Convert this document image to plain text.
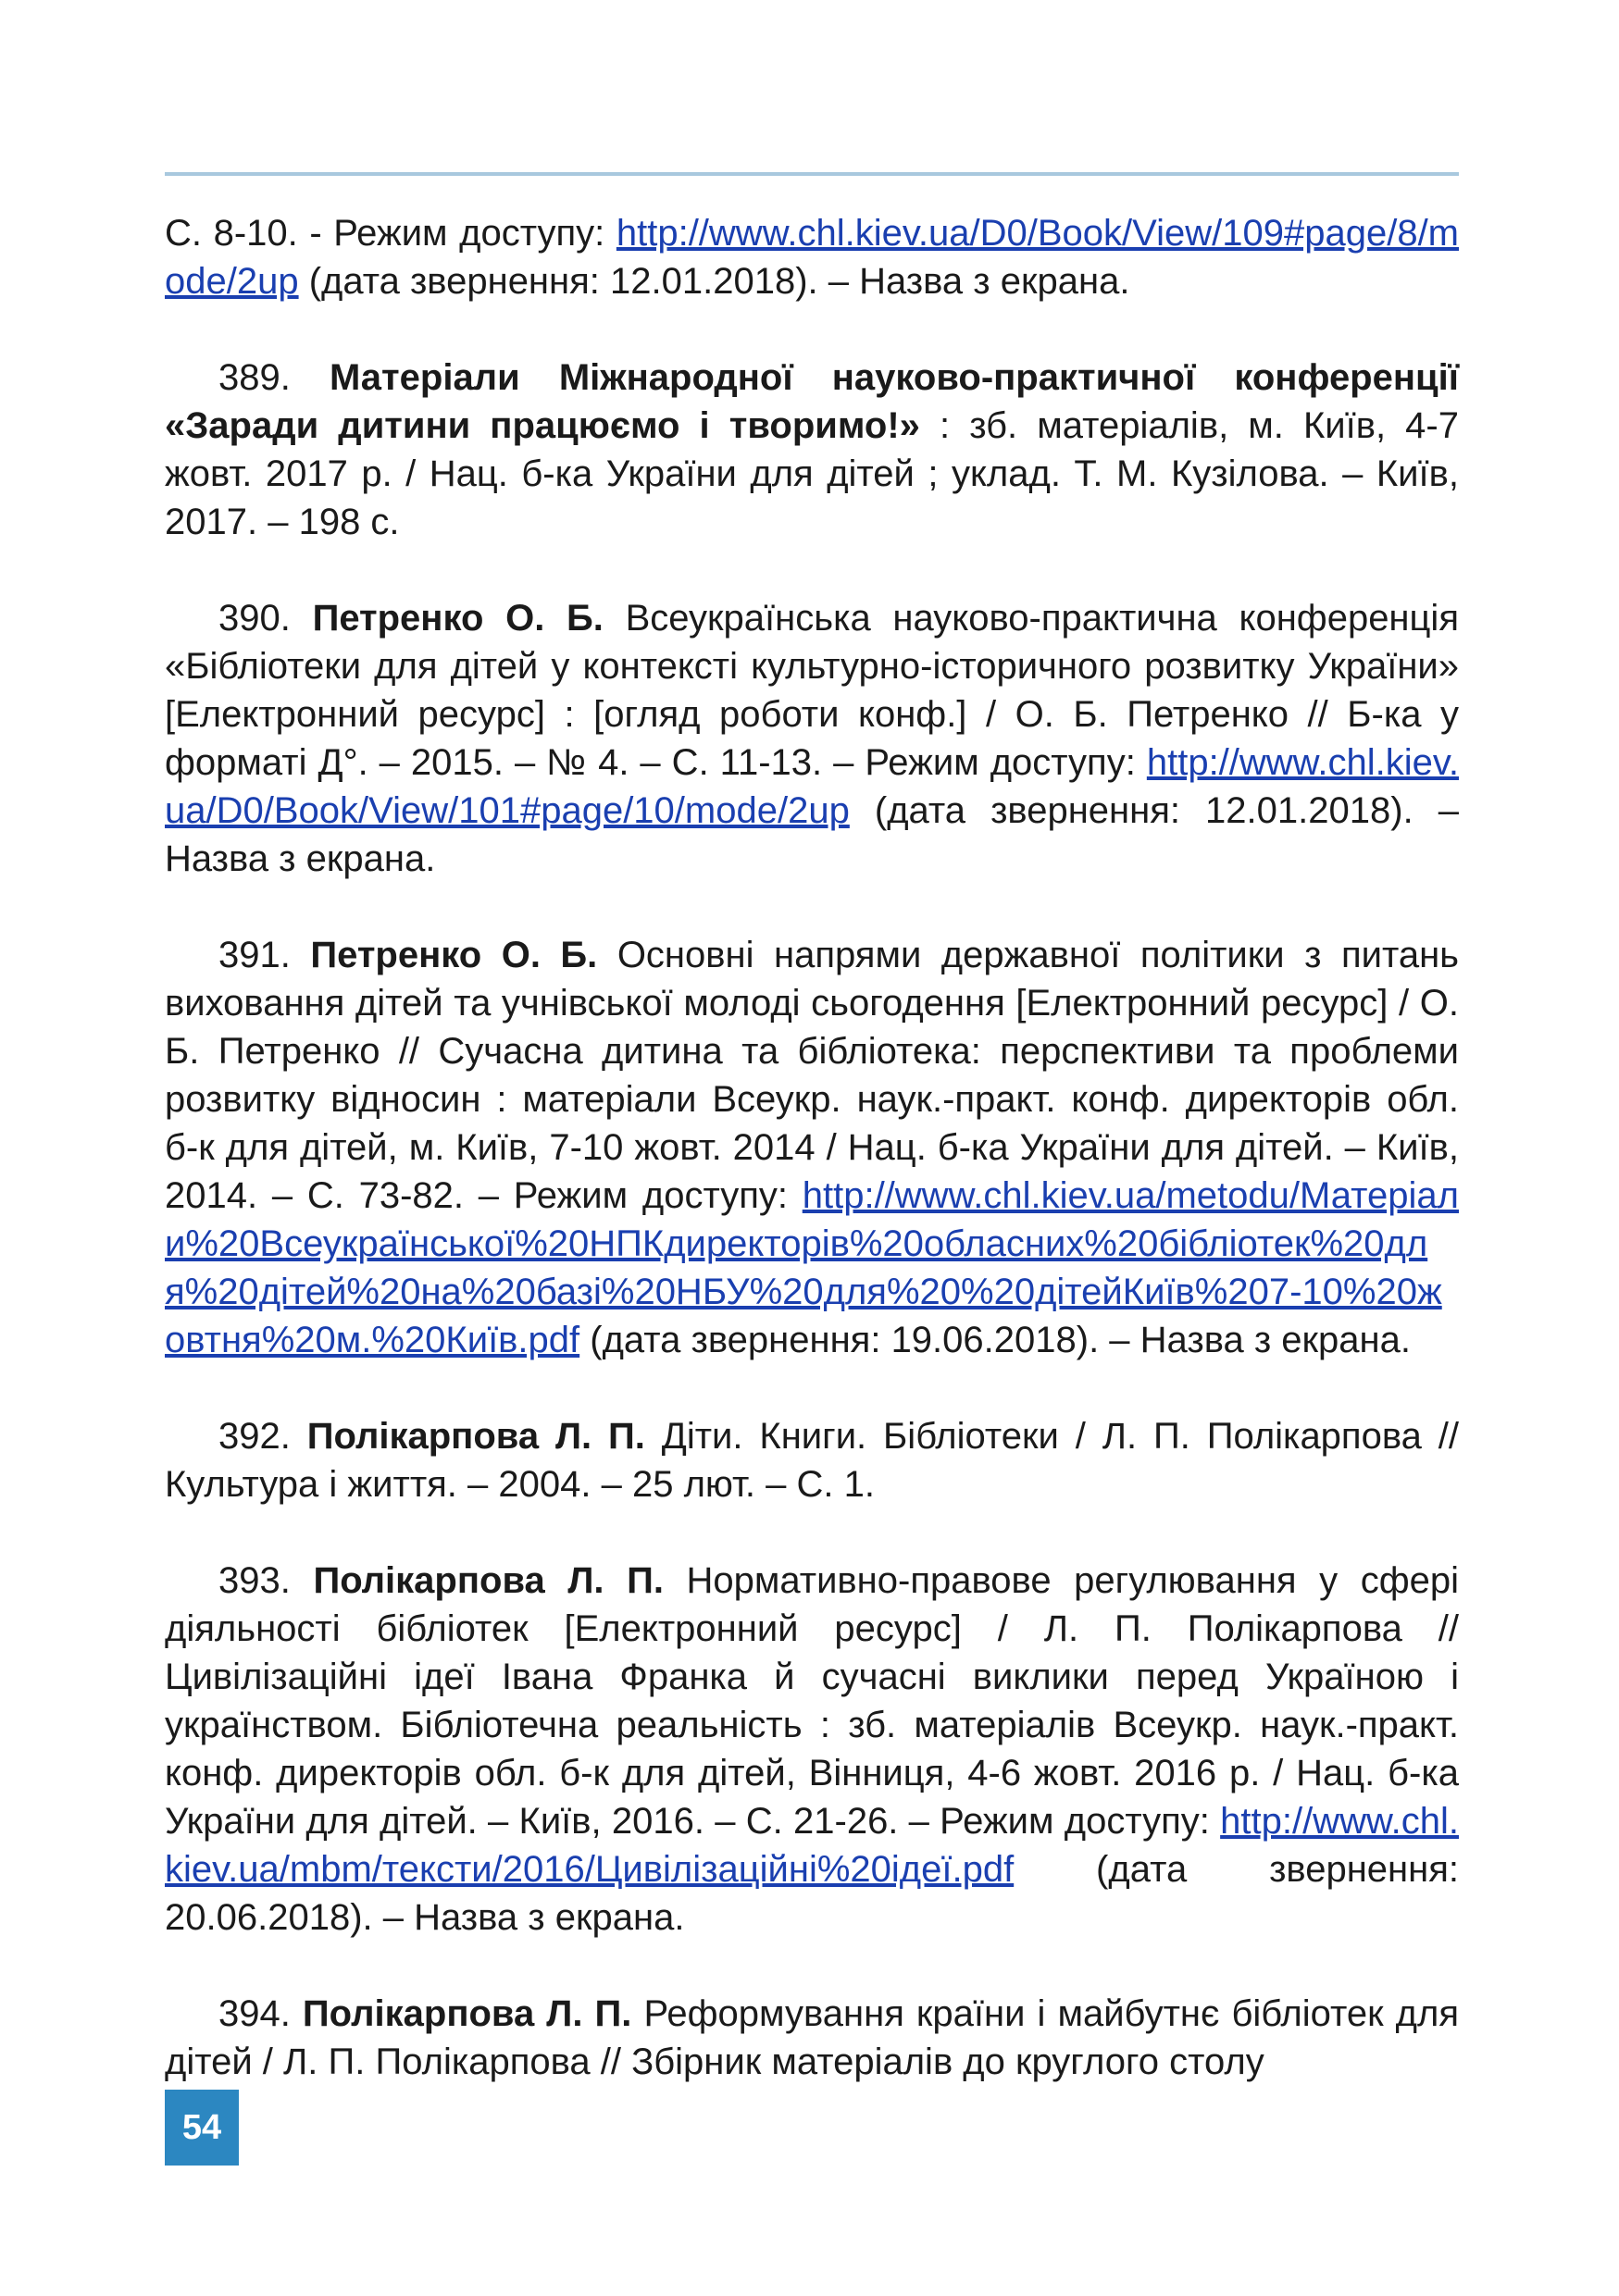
С. 8-10. - Режим доступу: http://www.chl.kiev.ua/D0/Book/View/109#page/8/mode/2up (дата звернення: 12.01.2018). – Назва з екрана.

389. Матеріали Міжнародної науково-практичної конференції «Заради дитини працюємо і творимо!» : зб. матеріалів, м. Київ, 4-7 жовт. 2017 р. / Нац. б-ка України для дітей ; уклад. Т. М. Кузілова. – Київ, 2017. – 198 с.

390. Петренко О. Б. Всеукраїнська науково-практична конференція «Бібліотеки для дітей у контексті культурно-історичного розвитку України» [Електронний ресурс] : [огляд роботи конф.] / О. Б. Петренко // Б-ка у форматі Д°. – 2015. – № 4. – С. 11-13. – Режим доступу: http://www.chl.kiev.ua/D0/Book/View/101#page/10/mode/2up (дата звернення: 12.01.2018). – Назва з екрана.

391. Петренко О. Б. Основні напрями державної політики з питань виховання дітей та учнівської молоді сьогодення [Електронний ресурс] / О. Б. Петренко // Сучасна дитина та бібліотека: перспективи та проблеми розвитку відносин : матеріали Всеукр. наук.-практ. конф. директорів обл. б-к для дітей, м. Київ, 7-10 жовт. 2014 / Нац. б-ка України для дітей. – Київ, 2014. – С. 73-82. – Режим доступу: http://www.chl.kiev.ua/metodu/Матеріали%20Всеукраїнської%20НПКдиректорів%20обласних%20бібліотек%20для%20дітей%20на%20базі%20НБУ%20для%20%20дітейКиїв%207-10%20жовтня%20м.%20Київ.pdf (дата звернення: 19.06.2018). – Назва з екрана.

392. Полікарпова Л. П. Діти. Книги. Бібліотеки / Л. П. Полікарпова // Культура і життя. – 2004. – 25 лют. – С. 1.

393. Полікарпова Л. П. Нормативно-правове регулювання у сфері діяльності бібліотек [Електронний ресурс] / Л. П. Полікарпова // Цивілізаційні ідеї Івана Франка й сучасні виклики перед Україною і українством. Бібліотечна реальність : зб. матеріалів Всеукр. наук.-практ. конф. директорів обл. б-к для дітей, Вінниця, 4-6 жовт. 2016 р. / Нац. б-ка України для дітей. – Київ, 2016. – С. 21-26. – Режим доступу: http://www.chl.kiev.ua/mbm/тексти/2016/Цивілізаційні%20ідеї.pdf (дата звернення: 20.06.2018). – Назва з екрана.

394. Полікарпова Л. П. Реформування країни і майбутнє бібліотек для дітей / Л. П. Полікарпова // Збірник матеріалів до круглого столу

54
